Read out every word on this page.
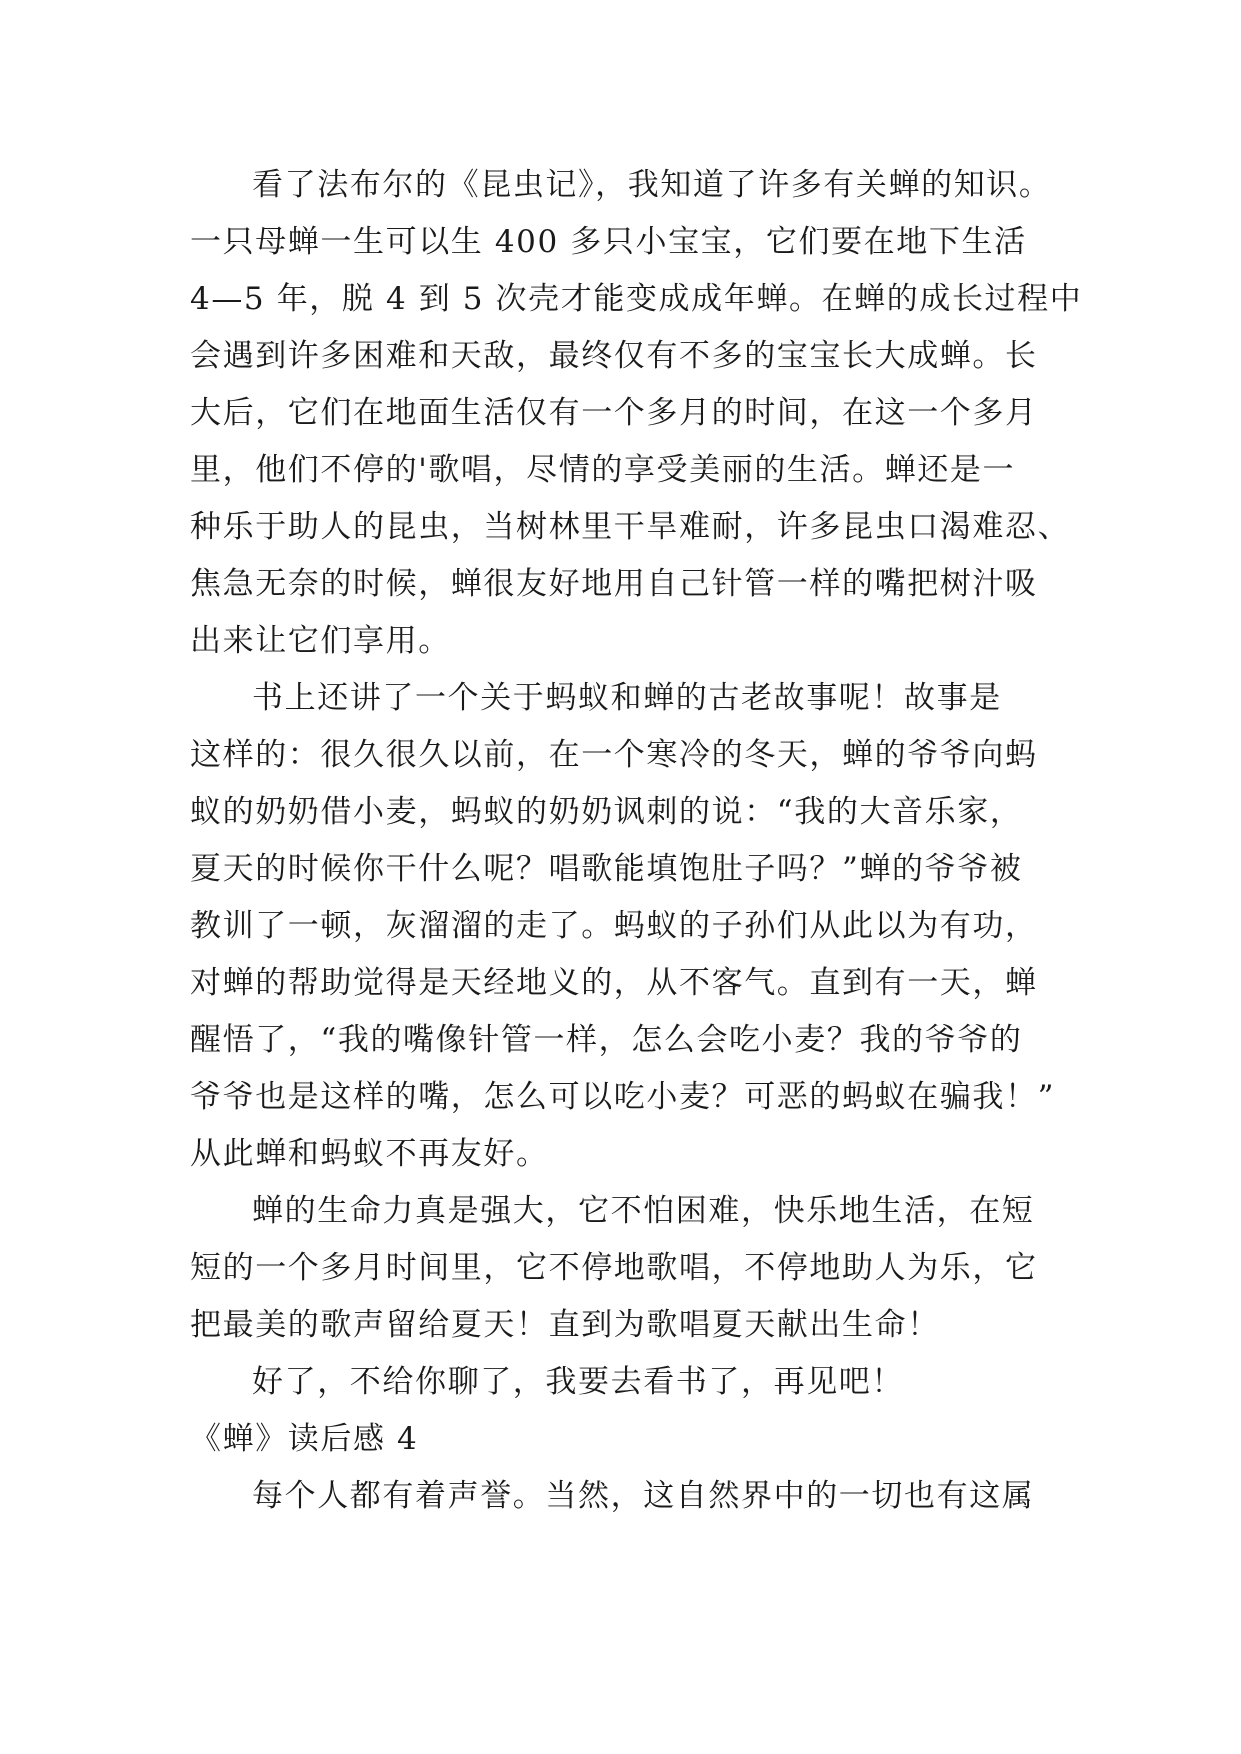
看了法布尔的《昆虫记》，我知道了许多有关蝉的知识。
一只母蝉一生可以生 400 多只小宝宝，它们要在地下生活
4—5 年，脱 4 到 5 次壳才能变成成年蝉。在蝉的成长过程中
会遇到许多困难和天敌，最终仅有不多的宝宝长大成蝉。长
大后，它们在地面生活仅有一个多月的时间，在这一个多月
里，他们不停的'歌唱，尽情的享受美丽的生活。蝉还是一
种乐于助人的昆虫，当树林里干旱难耐，许多昆虫口渴难忍、
焦急无奈的时候，蝉很友好地用自己针管一样的嘴把树汁吸
出来让它们享用。
书上还讲了一个关于蚂蚁和蝉的古老故事呢！故事是
这样的：很久很久以前，在一个寒冷的冬天，蝉的爷爷向蚂
蚁的奶奶借小麦，蚂蚁的奶奶讽刺的说：“我的大音乐家，
夏天的时候你干什么呢？唱歌能填饱肚子吗？”蝉的爷爷被
教训了一顿，灰溜溜的走了。蚂蚁的子孙们从此以为有功，
对蝉的帮助觉得是天经地义的，从不客气。直到有一天，蝉
醒悟了，“我的嘴像针管一样，怎么会吃小麦？我的爷爷的
爷爷也是这样的嘴，怎么可以吃小麦？可恶的蚂蚁在骗我！”
从此蝉和蚂蚁不再友好。
蝉的生命力真是强大，它不怕困难，快乐地生活，在短
短的一个多月时间里，它不停地歌唱，不停地助人为乐，它
把最美的歌声留给夏天！直到为歌唱夏天献出生命！
好了，不给你聊了，我要去看书了，再见吧！
《蝉》读后感 4
每个人都有着声誉。当然，这自然界中的一切也有这属
